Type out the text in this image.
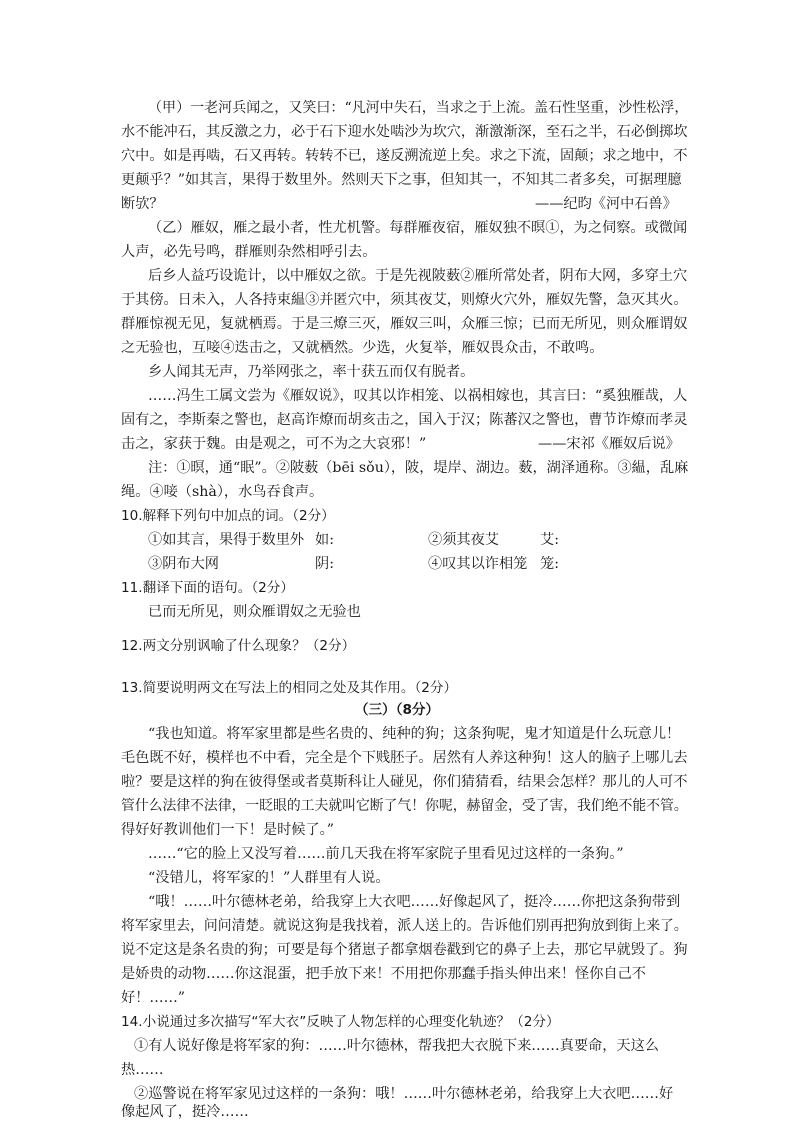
（甲）一老河兵闻之，又笑曰：“凡河中失石，当求之于上流。盖石性坚重，沙性松浮，
水不能冲石，其反激之力，必于石下迎水处啮沙为坎穴，渐激渐深，至石之半，石必倒掷坎
穴中。如是再啮，石又再转。转转不已，遂反溯流逆上矣。求之下流，固颠；求之地中，不
更颠乎？”如其言，果得于数里外。然则天下之事，但知其一，不知其二者多矣，可据理臆
断欤？	——纪昀《河中石兽》
（乙）雁奴，雁之最小者，性尤机警。每群雁夜宿，雁奴独不暝①，为之伺察。或微闻
人声，必先号鸣，群雁则杂然相呼引去。
后乡人益巧设诡计，以中雁奴之欲。于是先视陂薮②雁所常处者，阴布大网，多穿土穴
于其傍。日未入，人各持束緼③并匿穴中，须其夜艾，则燎火穴外，雁奴先警，急灭其火。
群雁惊视无见，复就栖焉。于是三燎三灭，雁奴三叫，众雁三惊；已而无所见，则众雁谓奴
之无验也，互唼④迭击之，又就栖然。少选，火复举，雁奴畏众击，不敢鸣。
乡人闻其无声，乃举网张之，率十获五而仅有脱者。
……冯生工属文尝为《雁奴说》，叹其以诈相笼、以祸相嫁也，其言曰：“奚独雁哉，人
固有之，李斯秦之警也，赵高诈燎而胡亥击之，国入于汉；陈蕃汉之警也，曹节诈燎而孝灵
击之，家获于魏。由是观之，可不为之大哀邪！”	——宋祁《雁奴后说》
注：①暝，通“眠”。②陂薮（bēi sǒu），陂，堤岸、湖边。薮，湖泽通称。③緼，乱麻
绳。④唼（shà），水鸟吞食声。
10.解释下列句中加点的词。（2分）
①如其言，果得于数里外 如:	②须其夜艾	艾:
③阴布大网	阴:	④叹其以诈相笼 笼:
11.翻译下面的语句。（2分）
已而无所见，则众雁谓奴之无验也
12.两文分别讽喻了什么现象？（2分）
13.简要说明两文在写法上的相同之处及其作用。（2分）
（三）（8分）
“我也知道。将军家里都是些名贵的、纯种的狗；这条狗呢，鬼才知道是什么玩意儿！
毛色既不好，模样也不中看，完全是个下贱胚子。居然有人养这种狗！这人的脑子上哪儿去
啦？要是这样的狗在彼得堡或者莫斯科让人碰见，你们猜猜看，结果会怎样？那儿的人可不
管什么法律不法律，一眨眼的工夫就叫它断了气！你呢，赫留金，受了害，我们绝不能不管。
得好好教训他们一下！是时候了。”
……“它的脸上又没写着……前几天我在将军家院子里看见过这样的一条狗。”
“没错儿，将军家的！”人群里有人说。
“哦！……叶尔德林老弟，给我穿上大衣吧……好像起风了，挺冷……你把这条狗带到
将军家里去，问问清楚。就说这狗是我找着，派人送上的。告诉他们别再把狗放到街上来了。
说不定这是条名贵的狗；可要是每个猪崽子都拿烟卷戳到它的鼻子上去，那它早就毁了。狗
是娇贵的动物……你这混蛋，把手放下来！不用把你那蠢手指头伸出来！怪你自己不
好！……”
14.小说通过多次描写“军大衣”反映了人物怎样的心理变化轨迹？（2分）
①有人说好像是将军家的狗：……叶尔德林，帮我把大衣脱下来……真要命，天这么
热……
②巡警说在将军家见过这样的一条狗：哦！……叶尔德林老弟，给我穿上大衣吧……好
像起风了，挺冷……
